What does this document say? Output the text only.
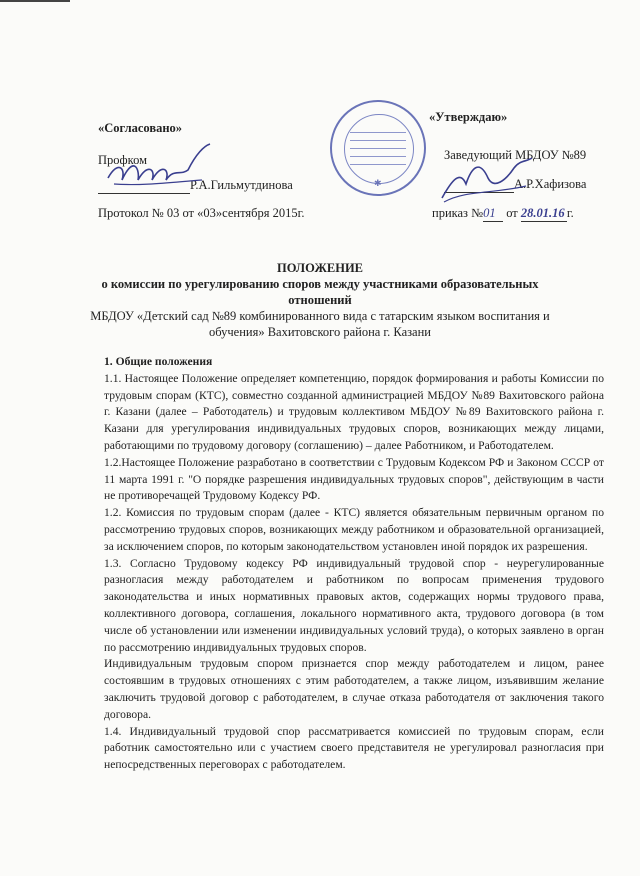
«Согласовано»
Профком
Р.А.Гильмутдинова
Протокол № 03 от «03»сентября 2015г.
✱
«Утверждаю»
Заведующий МБДОУ №89
А.Р.Хафизова
приказ №01 от 28.01.16 г.
ПОЛОЖЕНИЕ
о комиссии по урегулированию споров между участниками образовательных
отношений
МБДОУ «Детский сад №89 комбинированного вида с татарским языком воспитания и
обучения» Вахитовского района г. Казани

1. Общие положения

1.1. Настоящее Положение определяет компетенцию, порядок формирования и работы Комиссии по трудовым спорам (КТС), совместно созданной администрацией МБДОУ №89 Вахитовского района г. Казани (далее – Работодатель) и трудовым коллективом МБДОУ №89 Вахитовского района г. Казани для урегулирования индивидуальных трудовых споров, возникающих между лицами, работающими по трудовому договору (соглашению) – далее Работником, и Работодателем.

1.2.Настоящее Положение разработано в соответствии с Трудовым Кодексом РФ и Законом СССР от 11 марта 1991 г. "О порядке разрешения индивидуальных трудовых споров", действующим в части не противоречащей Трудовому Кодексу РФ.

1.2. Комиссия по трудовым спорам (далее - КТС) является обязательным первичным органом по рассмотрению трудовых споров, возникающих между работником и образовательной организацией, за исключением споров, по которым законодательством установлен иной порядок их разрешения.

1.3. Согласно Трудовому кодексу РФ индивидуальный трудовой спор - неурегулированные разногласия между работодателем и работником по вопросам применения трудового законодательства и иных нормативных правовых актов, содержащих нормы трудового права, коллективного договора, соглашения, локального нормативного акта, трудового договора (в том числе об установлении или изменении индивидуальных условий труда), о которых заявлено в орган по рассмотрению индивидуальных трудовых споров.

Индивидуальным трудовым спором признается спор между работодателем и лицом, ранее состоявшим в трудовых отношениях с этим работодателем, а также лицом, изъявившим желание заключить трудовой договор с работодателем, в случае отказа работодателя от заключения такого договора.

1.4. Индивидуальный трудовой спор рассматривается комиссией по трудовым спорам, если работник самостоятельно или с участием своего представителя не урегулировал разногласия при непосредственных переговорах с работодателем.
